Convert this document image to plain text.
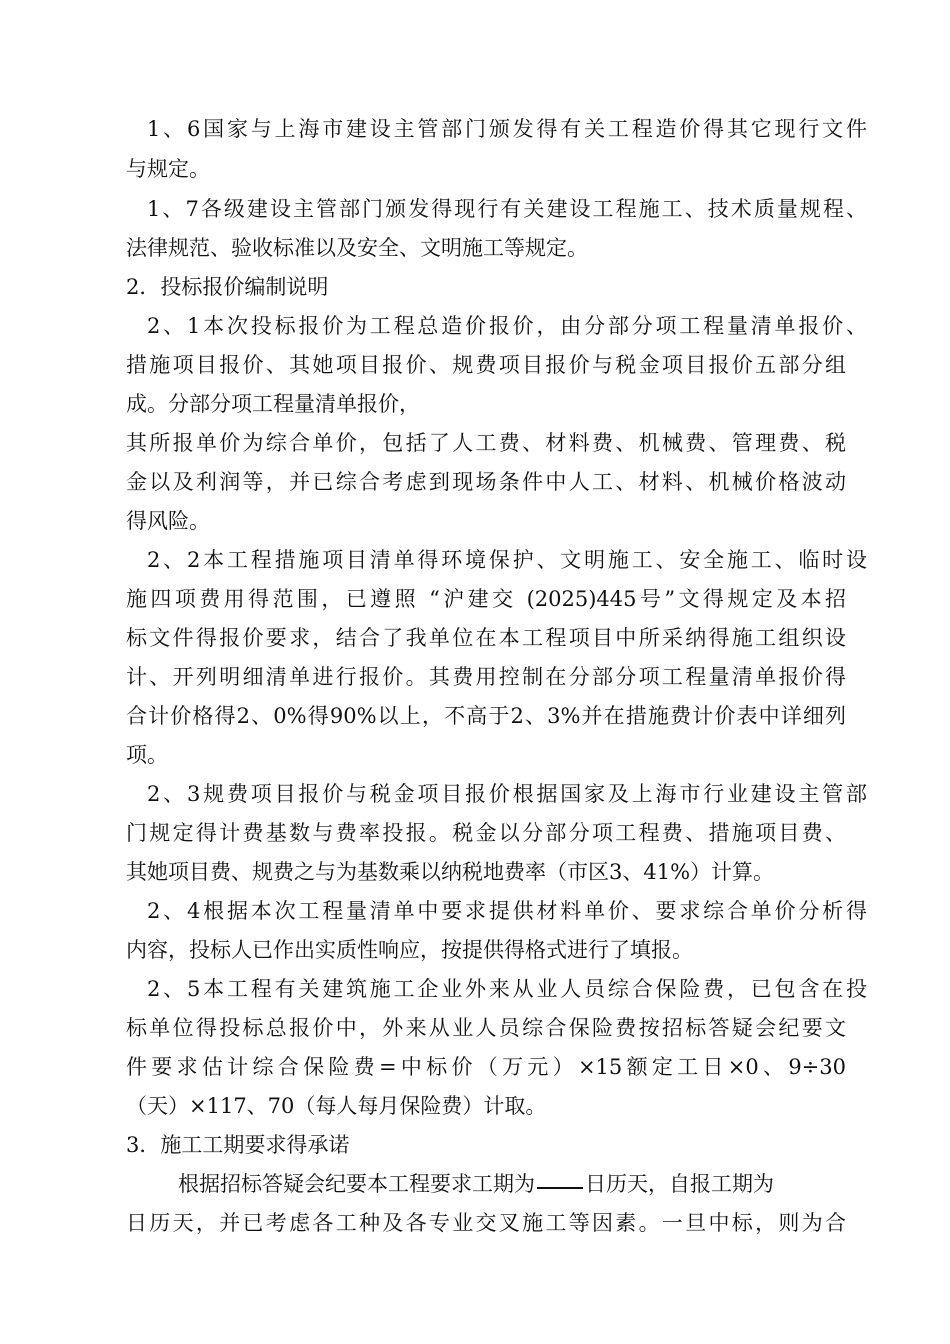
1、6国家与上海市建设主管部门颁发得有关工程造价得其它现行文件
与规定。
1、7各级建设主管部门颁发得现行有关建设工程施工、技术质量规程、
法律规范、验收标准以及安全、文明施工等规定。
2．投标报价编制说明
2、1本次投标报价为工程总造价报价，由分部分项工程量清单报价、
措施项目报价、其她项目报价、规费项目报价与税金项目报价五部分组
成。分部分项工程量清单报价，
其所报单价为综合单价，包括了人工费、材料费、机械费、管理费、税
金以及利润等，并已综合考虑到现场条件中人工、材料、机械价格波动
得风险。
2、2本工程措施项目清单得环境保护、文明施工、安全施工、临时设
施四项费用得范围，已遵照 “沪建交 (2025)445号”文得规定及本招
标文件得报价要求，结合了我单位在本工程项目中所采纳得施工组织设
计、开列明细清单进行报价。其费用控制在分部分项工程量清单报价得
合计价格得2、0%得90%以上，不高于2、3%并在措施费计价表中详细列
项。
2、3规费项目报价与税金项目报价根据国家及上海市行业建设主管部
门规定得计费基数与费率投报。税金以分部分项工程费、措施项目费、
其她项目费、规费之与为基数乘以纳税地费率（市区3、41%）计算。
2、4根据本次工程量清单中要求提供材料单价、要求综合单价分析得
内容，投标人已作出实质性响应，按提供得格式进行了填报。
2、5本工程有关建筑施工企业外来从业人员综合保险费，已包含在投
标单位得投标总报价中，外来从业人员综合保险费按招标答疑会纪要文
件要求估计综合保险费=中标价（万元）×15额定工日×0、9÷30
（天）×117、70（每人每月保险费）计取。
3．施工工期要求得承诺
根据招标答疑会纪要本工程要求工期为 日历天，自报工期为
日历天，并已考虑各工种及各专业交叉施工等因素。一旦中标，则为合
